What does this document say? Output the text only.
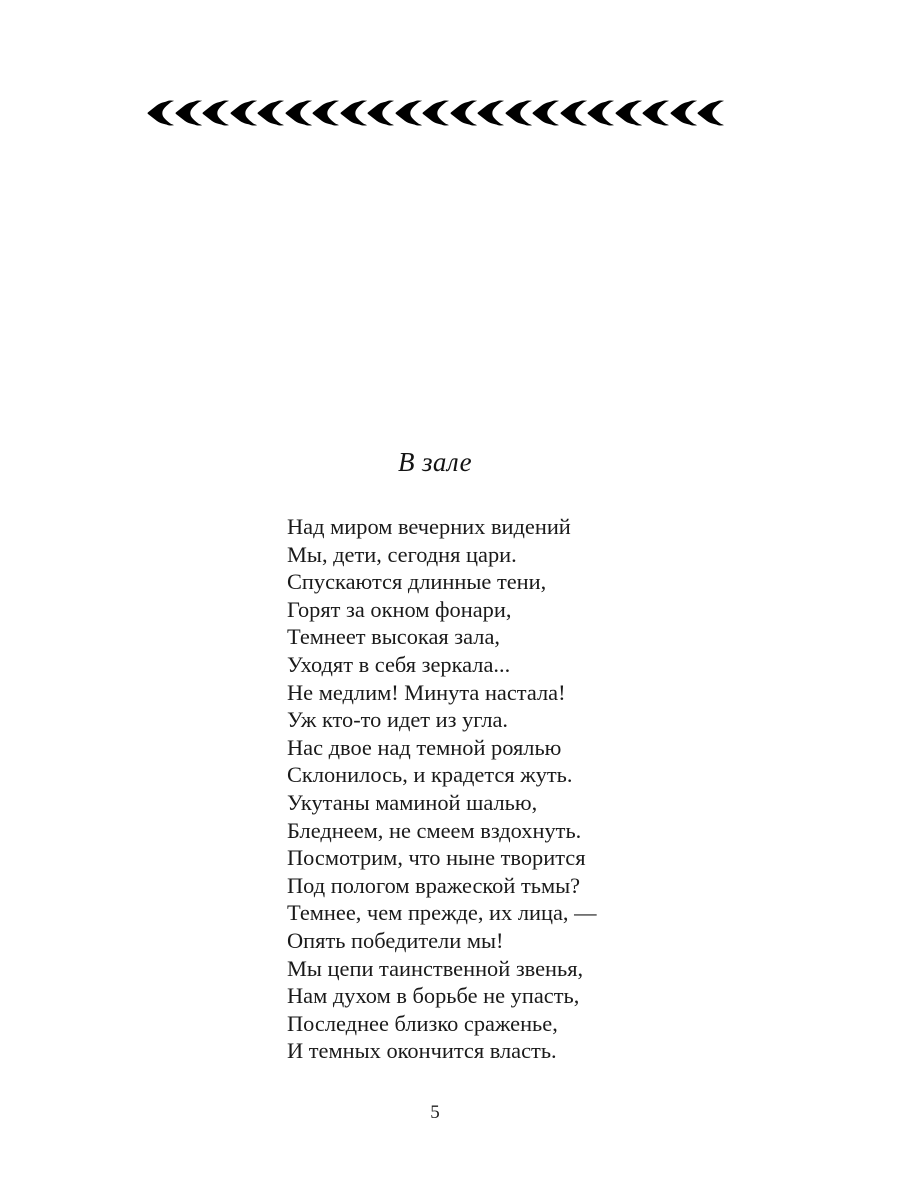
В зале
Над миром вечерних видений
Мы, дети, сегодня цари.
Спускаются длинные тени,
Горят за окном фонари,
Темнеет высокая зала,
Уходят в себя зеркала...
Не медлим! Минута настала!
Уж кто-то идет из угла.
Нас двое над темной роялью
Склонилось, и крадется жуть.
Укутаны маминой шалью,
Бледнеем, не смеем вздохнуть.
Посмотрим, что ныне творится
Под пологом вражеской тьмы?
Темнее, чем прежде, их лица, —
Опять победители мы!
Мы цепи таинственной звенья,
Нам духом в борьбе не упасть,
Последнее близко сраженье,
И темных окончится власть.
5
